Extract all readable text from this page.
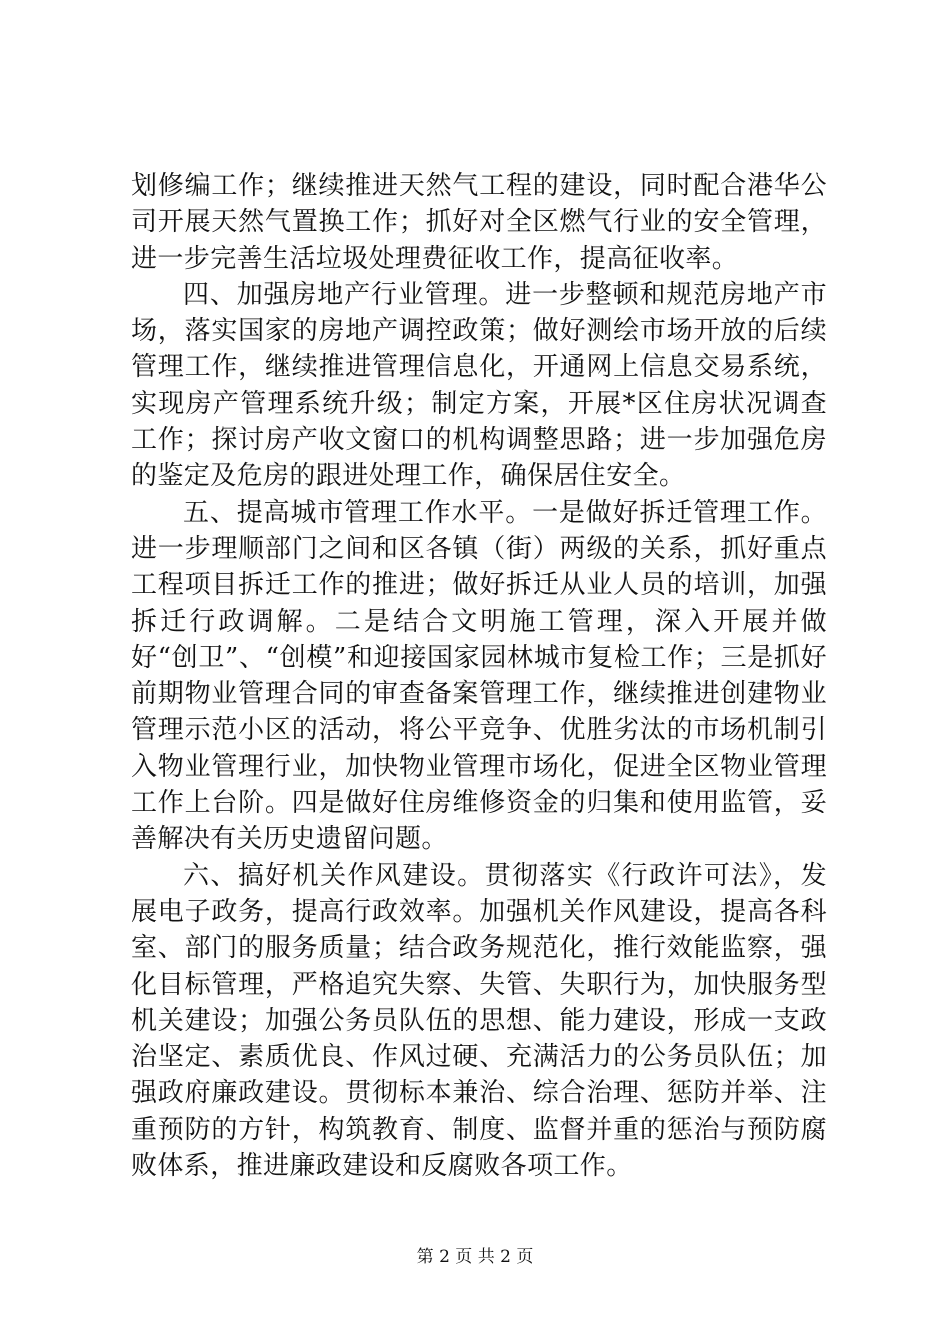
划修编工作；继续推进天然气工程的建设，同时配合港华公司开展天然气置换工作；抓好对全区燃气行业的安全管理，进一步完善生活垃圾处理费征收工作，提高征收率。

四、加强房地产行业管理。进一步整顿和规范房地产市场，落实国家的房地产调控政策；做好测绘市场开放的后续管理工作，继续推进管理信息化，开通网上信息交易系统，实现房产管理系统升级；制定方案，开展*区住房状况调查工作；探讨房产收文窗口的机构调整思路；进一步加强危房的鉴定及危房的跟进处理工作，确保居住安全。

五、提高城市管理工作水平。一是做好拆迁管理工作。进一步理顺部门之间和区各镇（街）两级的关系，抓好重点工程项目拆迁工作的推进；做好拆迁从业人员的培训，加强拆迁行政调解。二是结合文明施工管理，深入开展并做好“创卫”、“创模”和迎接国家园林城市复检工作；三是抓好前期物业管理合同的审查备案管理工作，继续推进创建物业管理示范小区的活动，将公平竞争、优胜劣汰的市场机制引入物业管理行业，加快物业管理市场化，促进全区物业管理工作上台阶。四是做好住房维修资金的归集和使用监管，妥善解决有关历史遗留问题。

六、搞好机关作风建设。贯彻落实《行政许可法》，发展电子政务，提高行政效率。加强机关作风建设，提高各科室、部门的服务质量；结合政务规范化，推行效能监察，强化目标管理，严格追究失察、失管、失职行为，加快服务型机关建设；加强公务员队伍的思想、能力建设，形成一支政治坚定、素质优良、作风过硬、充满活力的公务员队伍；加强政府廉政建设。贯彻标本兼治、综合治理、惩防并举、注重预防的方针，构筑教育、制度、监督并重的惩治与预防腐败体系，推进廉政建设和反腐败各项工作。

第 2 页 共 2 页
